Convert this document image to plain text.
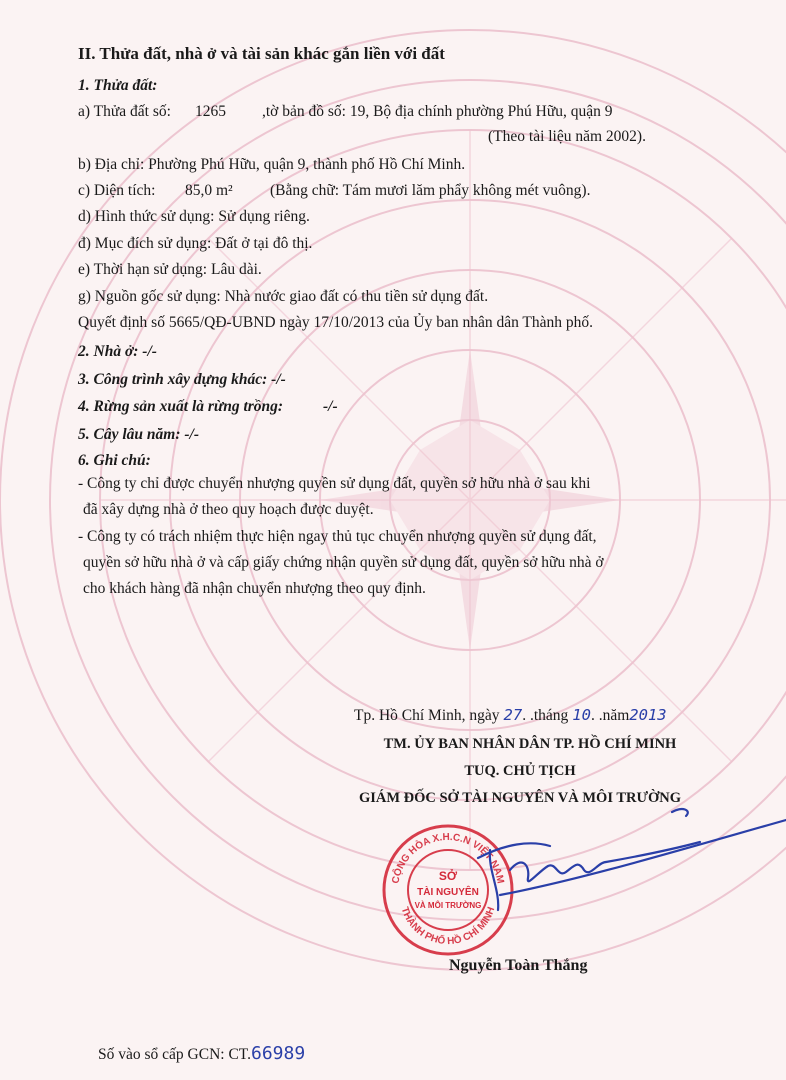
II. Thửa đất, nhà ở và tài sản khác gắn liền với đất
1. Thửa đất:
a) Thửa đất số: 1265 ,tờ bản đồ số: 19, Bộ địa chính phường Phú Hữu, quận 9
(Theo tài liệu năm 2002).
b) Địa chỉ: Phường Phú Hữu, quận 9, thành phố Hồ Chí Minh.
c) Diện tích: 85,0 m² (Bằng chữ: Tám mươi lăm phẩy không mét vuông).
d) Hình thức sử dụng: Sử dụng riêng.
đ) Mục đích sử dụng: Đất ở tại đô thị.
e) Thời hạn sử dụng: Lâu dài.
g) Nguồn gốc sử dụng: Nhà nước giao đất có thu tiền sử dụng đất.
Quyết định số 5665/QĐ-UBND ngày 17/10/2013 của Ủy ban nhân dân Thành phố.
2. Nhà ở: -/-
3. Công trình xây dựng khác: -/-
4. Rừng sản xuất là rừng trồng:	-/-
5. Cây lâu năm: -/-
6. Ghi chú:
- Công ty chỉ được chuyển nhượng quyền sử dụng đất, quyền sở hữu nhà ở sau khi
đã xây dựng nhà ở theo quy hoạch được duyệt.
- Công ty có trách nhiệm thực hiện ngay thủ tục chuyển nhượng quyền sử dụng đất,
quyền sở hữu nhà ở và cấp giấy chứng nhận quyền sử dụng đất, quyền sở hữu nhà ở
cho khách hàng đã nhận chuyển nhượng theo quy định.
Tp. Hồ Chí Minh, ngày 27. .tháng 10. .năm2013
TM. ỦY BAN NHÂN DÂN TP. HỒ CHÍ MINH
TUQ. CHỦ TỊCH
GIÁM ĐỐC SỞ TÀI NGUYÊN VÀ MÔI TRƯỜNG
CỘNG HÒA X.H.C.N VIỆT NAM
THÀNH PHỐ HỒ CHÍ MINH
SỞ
TÀI NGUYÊN
VÀ MÔI TRƯỜNG
Nguyễn Toàn Thắng
Số vào sổ cấp GCN: CT.66989
